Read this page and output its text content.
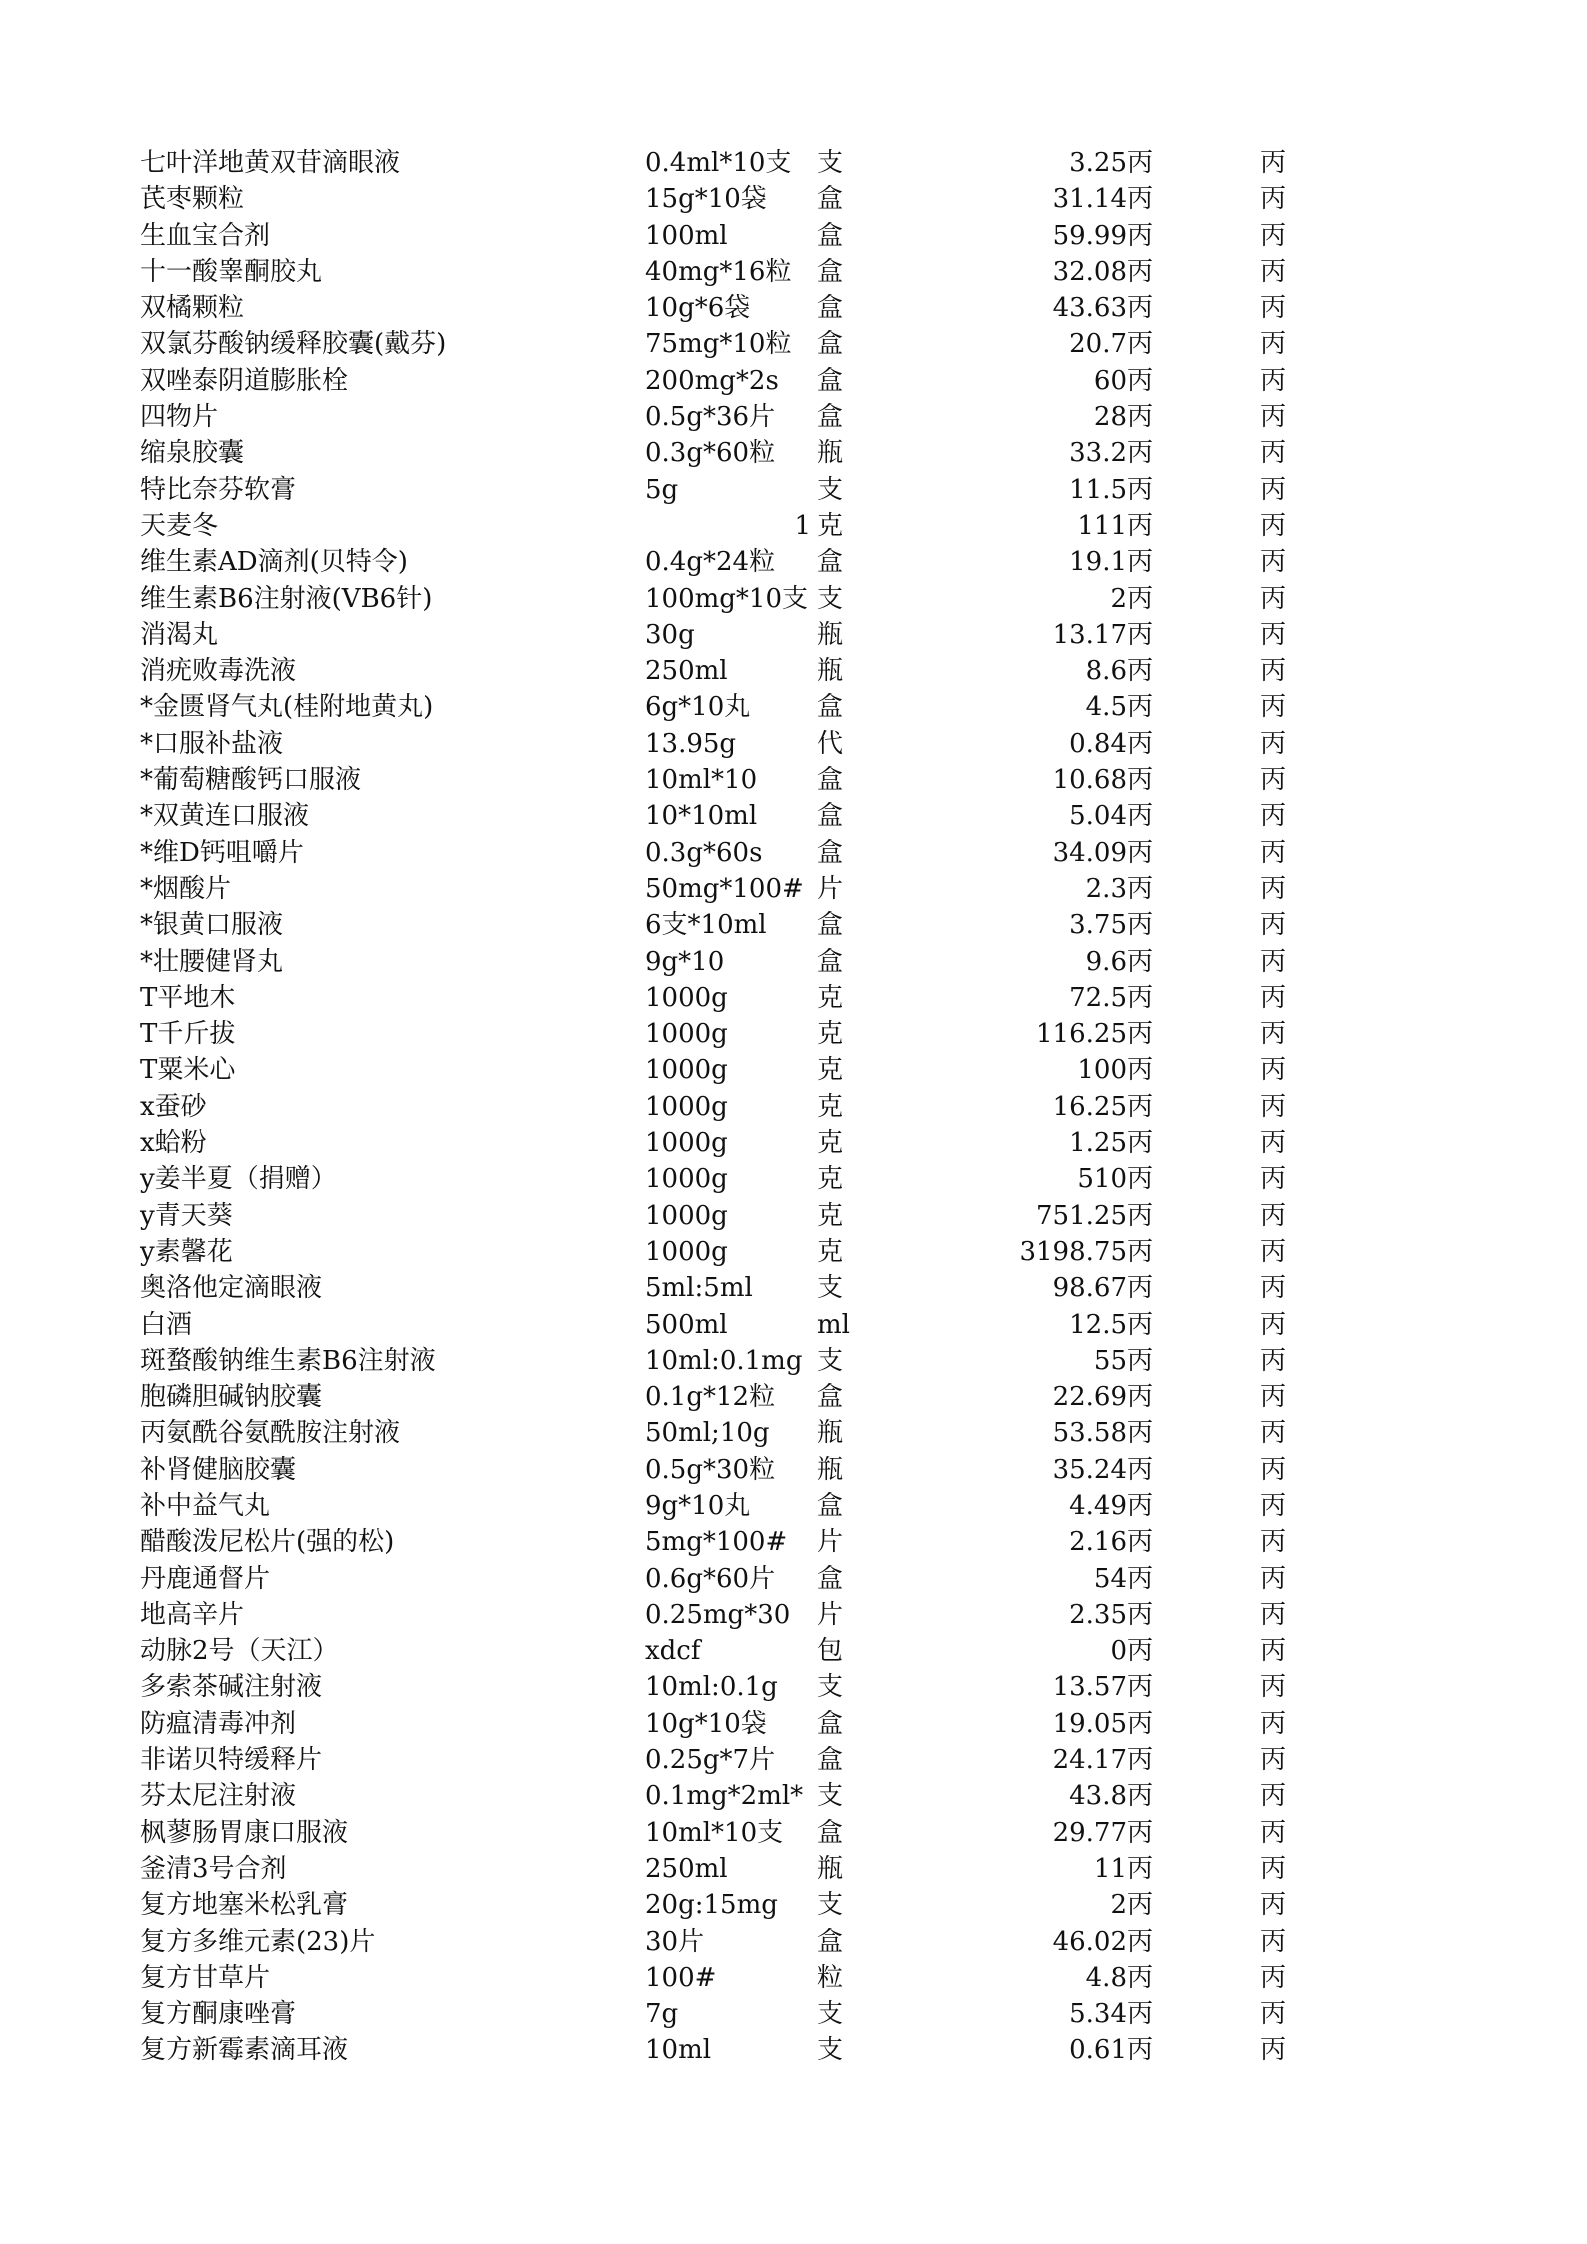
七叶洋地黄双苷滴眼液	0.4ml*10支	支	3.25	丙	丙
芪枣颗粒	15g*10袋	盒	31.14	丙	丙
生血宝合剂	100ml	盒	59.99	丙	丙
十一酸睾酮胶丸	40mg*16粒	盒	32.08	丙	丙
双橘颗粒	10g*6袋	盒	43.63	丙	丙
双氯芬酸钠缓释胶囊(戴芬)	75mg*10粒	盒	20.7	丙	丙
双唑泰阴道膨胀栓	200mg*2s	盒	60	丙	丙
四物片	0.5g*36片	盒	28	丙	丙
缩泉胶囊	0.3g*60粒	瓶	33.2	丙	丙
特比奈芬软膏	5g	支	11.5	丙	丙
天麦冬	1	克	111	丙	丙
维生素AD滴剂(贝特令)	0.4g*24粒	盒	19.1	丙	丙
维生素B6注射液(VB6针)	100mg*10支	支	2	丙	丙
消渴丸	30g	瓶	13.17	丙	丙
消疣败毒洗液	250ml	瓶	8.6	丙	丙
*金匮肾气丸(桂附地黄丸)	6g*10丸	盒	4.5	丙	丙
*口服补盐液	13.95g	代	0.84	丙	丙
*葡萄糖酸钙口服液	10ml*10	盒	10.68	丙	丙
*双黄连口服液	10*10ml	盒	5.04	丙	丙
*维D钙咀嚼片	0.3g*60s	盒	34.09	丙	丙
*烟酸片	50mg*100#	片	2.3	丙	丙
*银黄口服液	6支*10ml	盒	3.75	丙	丙
*壮腰健肾丸	9g*10	盒	9.6	丙	丙
T平地木	1000g	克	72.5	丙	丙
T千斤拔	1000g	克	116.25	丙	丙
T粟米心	1000g	克	100	丙	丙
x蚕砂	1000g	克	16.25	丙	丙
x蛤粉	1000g	克	1.25	丙	丙
y姜半夏（捐赠）	1000g	克	510	丙	丙
y青天葵	1000g	克	751.25	丙	丙
y素馨花	1000g	克	3198.75	丙	丙
奥洛他定滴眼液	5ml:5ml	支	98.67	丙	丙
白酒	500ml	ml	12.5	丙	丙
斑蝥酸钠维生素B6注射液	10ml:0.1mg	支	55	丙	丙
胞磷胆碱钠胶囊	0.1g*12粒	盒	22.69	丙	丙
丙氨酰谷氨酰胺注射液	50ml;10g	瓶	53.58	丙	丙
补肾健脑胶囊	0.5g*30粒	瓶	35.24	丙	丙
补中益气丸	9g*10丸	盒	4.49	丙	丙
醋酸泼尼松片(强的松)	5mg*100#	片	2.16	丙	丙
丹鹿通督片	0.6g*60片	盒	54	丙	丙
地高辛片	0.25mg*30	片	2.35	丙	丙
动脉2号（天江）	xdcf	包	0	丙	丙
多索茶碱注射液	10ml:0.1g	支	13.57	丙	丙
防瘟清毒冲剂	10g*10袋	盒	19.05	丙	丙
非诺贝特缓释片	0.25g*7片	盒	24.17	丙	丙
芬太尼注射液	0.1mg*2ml*	支	43.8	丙	丙
枫蓼肠胃康口服液	10ml*10支	盒	29.77	丙	丙
釜清3号合剂	250ml	瓶	11	丙	丙
复方地塞米松乳膏	20g:15mg	支	2	丙	丙
复方多维元素(23)片	30片	盒	46.02	丙	丙
复方甘草片	100#	粒	4.8	丙	丙
复方酮康唑膏	7g	支	5.34	丙	丙
复方新霉素滴耳液	10ml	支	0.61	丙	丙
